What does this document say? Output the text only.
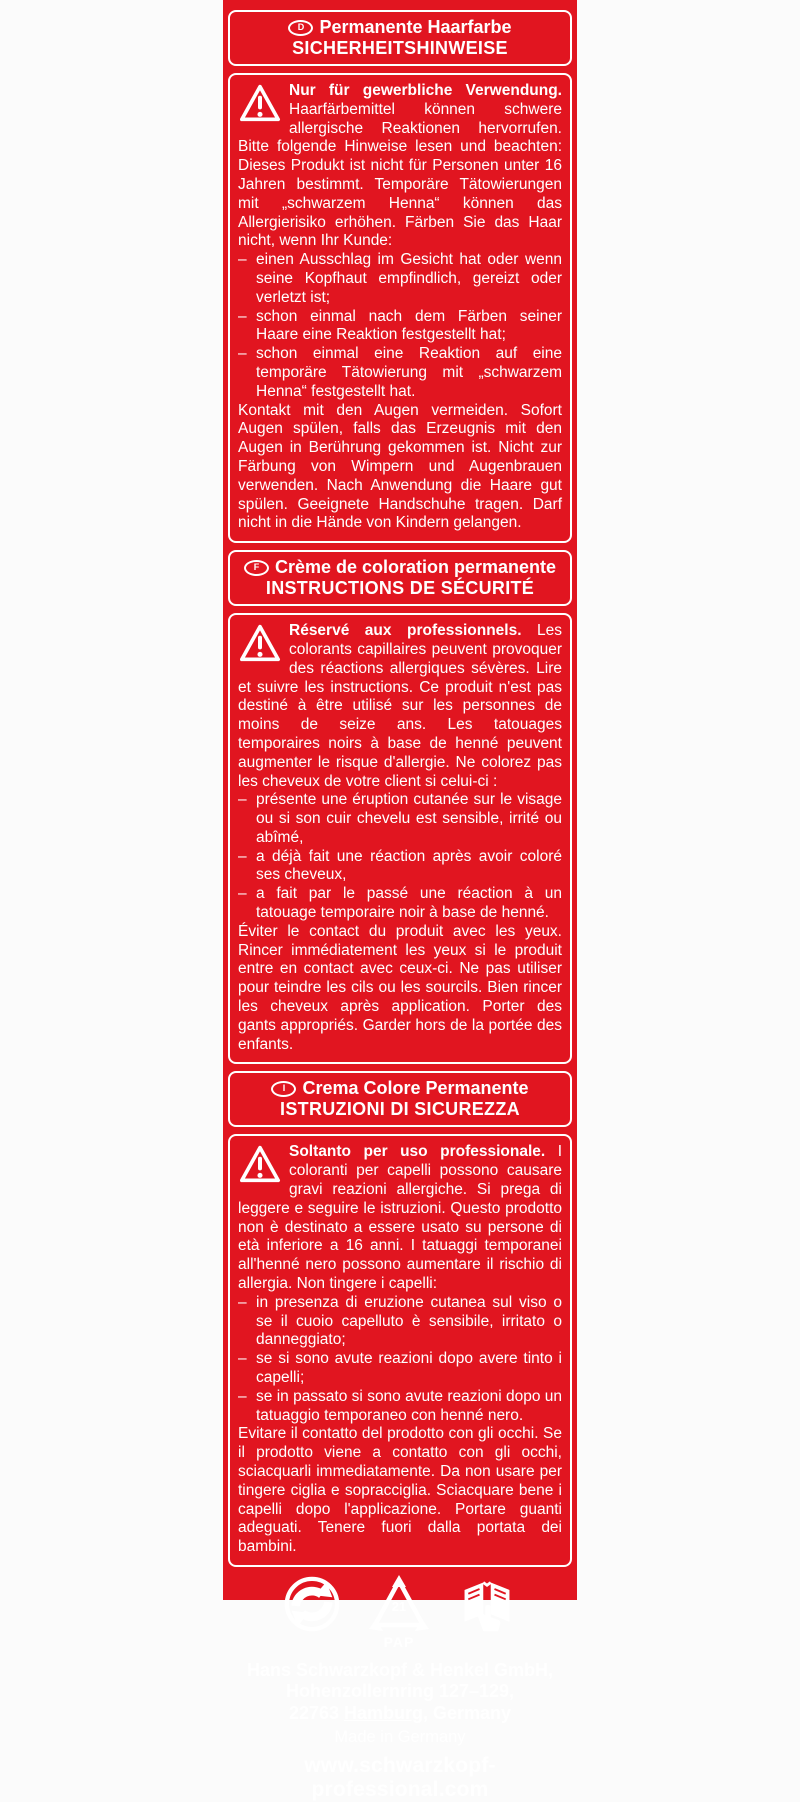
D Permanente Haarfarbe
SICHERHEITSHINWEISE

Nur für gewerbliche Verwendung. Haarfärbemittel können schwere allergische Reaktionen hervorrufen. Bitte folgende Hinweise lesen und beachten: Dieses Produkt ist nicht für Personen unter 16 Jahren bestimmt. Temporäre Tätowierungen mit „schwarzem Henna“ können das Allergierisiko erhöhen. Färben Sie das Haar nicht, wenn Ihr Kunde:

– einen Ausschlag im Gesicht hat oder wenn seine Kopfhaut empfindlich, gereizt oder verletzt ist;
– schon einmal nach dem Färben seiner Haare eine Reaktion festgestellt hat;
– schon einmal eine Reaktion auf eine temporäre Tätowierung mit „schwarzem Henna“ festgestellt hat.

Kontakt mit den Augen vermeiden. Sofort Augen spülen, falls das Erzeugnis mit den Augen in Berührung gekommen ist. Nicht zur Färbung von Wimpern und Augenbrauen verwenden. Nach Anwendung die Haare gut spülen. Geeignete Handschuhe tragen. Darf nicht in die Hände von Kindern gelangen.

F Crème de coloration permanente
INSTRUCTIONS DE SÉCURITÉ

Réservé aux professionnels. Les colorants capillaires peuvent provoquer des réactions allergiques sévères. Lire et suivre les instructions. Ce produit n'est pas destiné à être utilisé sur les personnes de moins de seize ans. Les tatouages temporaires noirs à base de henné peuvent augmenter le risque d'allergie. Ne colorez pas les cheveux de votre client si celui-ci :

– présente une éruption cutanée sur le visage ou si son cuir chevelu est sensible, irrité ou abîmé,
– a déjà fait une réaction après avoir coloré ses cheveux,
– a fait par le passé une réaction à un tatouage temporaire noir à base de henné.

Éviter le contact du produit avec les yeux. Rincer immédiatement les yeux si le produit entre en contact avec ceux-ci. Ne pas utiliser pour teindre les cils ou les sourcils. Bien rincer les cheveux après application. Porter des gants appropriés. Garder hors de la portée des enfants.

I Crema Colore Permanente
ISTRUZIONI DI SICUREZZA

Soltanto per uso professionale. I coloranti per capelli possono causare gravi reazioni allergiche. Si prega di leggere e seguire le istruzioni. Questo prodotto non è destinato a essere usato su persone di età inferiore a 16 anni. I tatuaggi temporanei all'henné nero possono aumentare il rischio di allergia. Non tingere i capelli:

– in presenza di eruzione cutanea sul viso o se il cuoio capelluto è sensibile, irritato o danneggiato;
– se si sono avute reazioni dopo avere tinto i capelli;
– se in passato si sono avute reazioni dopo un tatuaggio temporaneo con henné nero.

Evitare il contatto del prodotto con gli occhi. Se il prodotto viene a contatto con gli occhi, sciacquarli immediatamente. Da non usare per tingere ciglia e sopracciglia. Sciacquare bene i capelli dopo l'applicazione. Portare guanti adeguati. Tenere fuori dalla portata dei bambini.

21
PAP
Hans Schwarzkopf & Henkel GmbH,
Hohenzollernring 127–129,
22763 Hamburg, Germany
Made in Germany
www.schwarzkopf-professional.com
